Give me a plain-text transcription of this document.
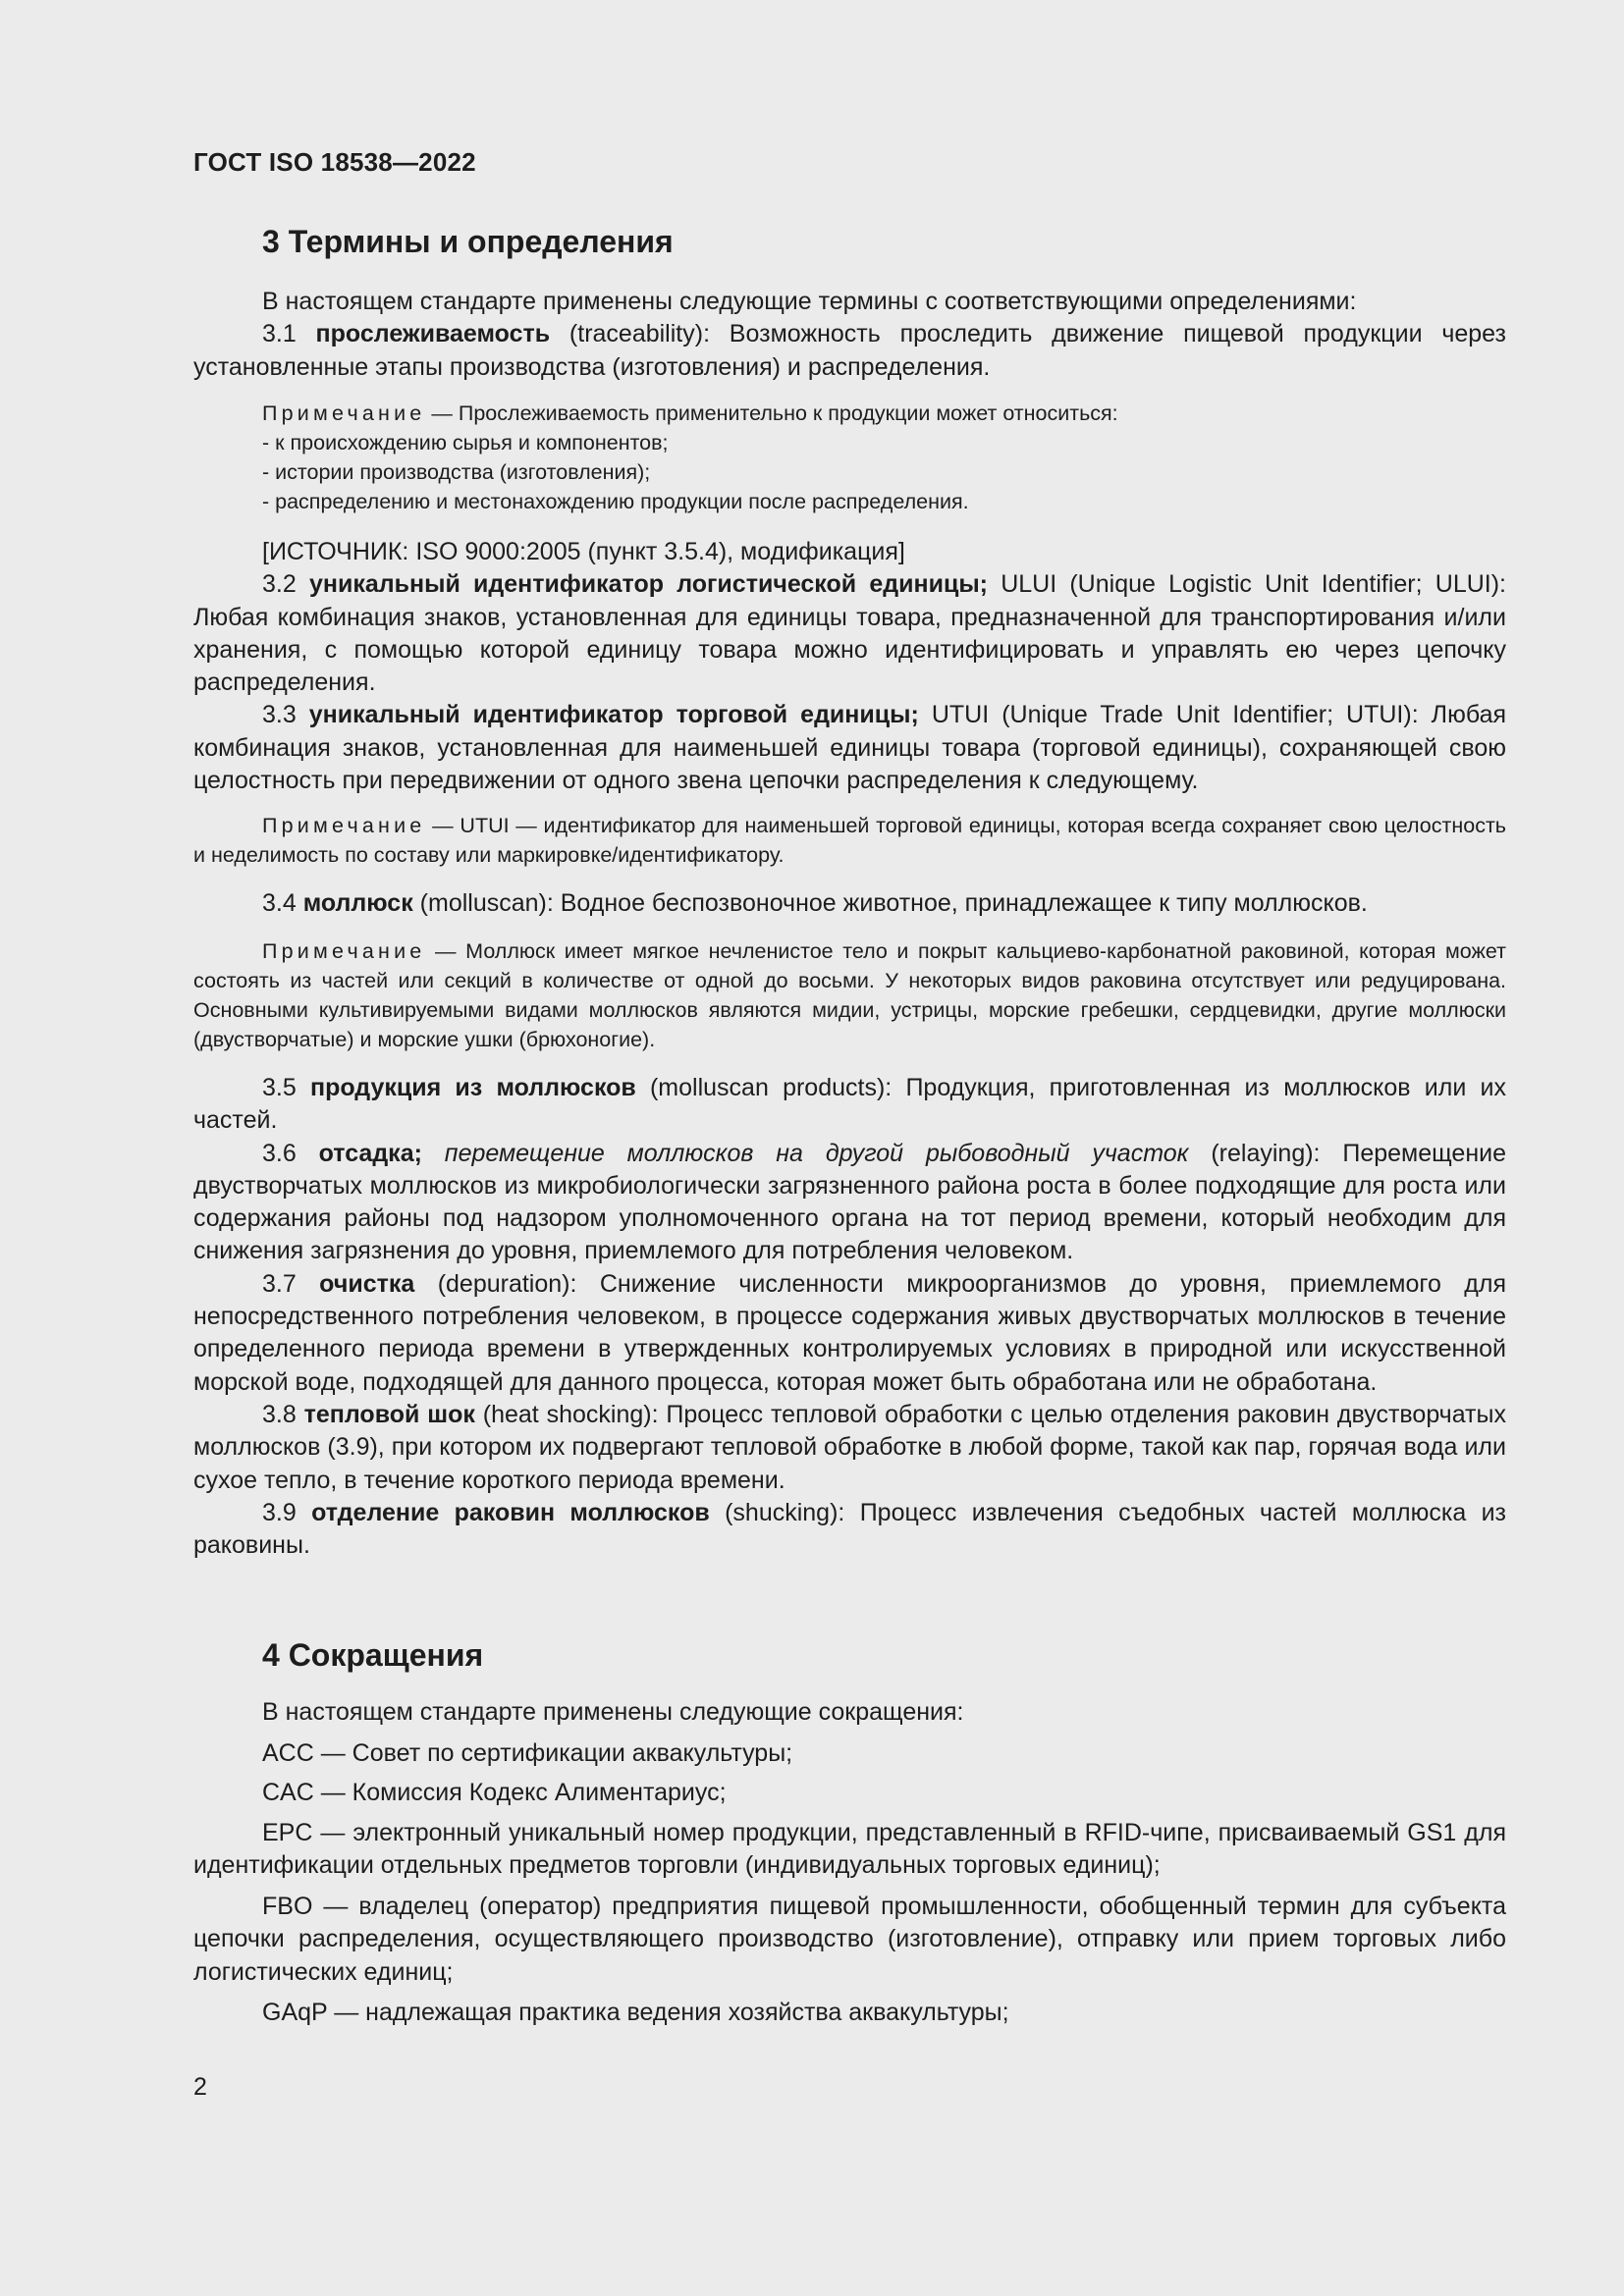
ГОСТ ISO 18538—2022
3 Термины и определения

В настоящем стандарте применены следующие термины с соответствующими определениями:

3.1 прослеживаемость (traceability): Возможность проследить движение пищевой продукции через установленные этапы производства (изготовления) и распределения.

Примечание — Прослеживаемость применительно к продукции может относиться:

- к происхождению сырья и компонентов;
- истории производства (изготовления);
- распределению и местонахождению продукции после распределения.

[ИСТОЧНИК: ISO 9000:2005 (пункт 3.5.4), модификация]

3.2 уникальный идентификатор логистической единицы; ULUI (Unique Logistic Unit Identifier; ULUI): Любая комбинация знаков, установленная для единицы товара, предназначенной для транспортирования и/или хранения, с помощью которой единицу товара можно идентифицировать и управлять ею через цепочку распределения.

3.3 уникальный идентификатор торговой единицы; UTUI (Unique Trade Unit Identifier; UTUI): Любая комбинация знаков, установленная для наименьшей единицы товара (торговой единицы), сохраняющей свою целостность при передвижении от одного звена цепочки распределения к следующему.

Примечание — UTUI — идентификатор для наименьшей торговой единицы, которая всегда сохраняет свою целостность и неделимость по составу или маркировке/идентификатору.

3.4 моллюск (molluscan): Водное беспозвоночное животное, принадлежащее к типу моллюсков.

Примечание — Моллюск имеет мягкое нечленистое тело и покрыт кальциево-карбонатной раковиной, которая может состоять из частей или секций в количестве от одной до восьми. У некоторых видов раковина отсутствует или редуцирована. Основными культивируемыми видами моллюсков являются мидии, устрицы, морские гребешки, сердцевидки, другие моллюски (двустворчатые) и морские ушки (брюхоногие).

3.5 продукция из моллюсков (molluscan products): Продукция, приготовленная из моллюсков или их частей.

3.6 отсадка; перемещение моллюсков на другой рыбоводный участок (relaying): Перемещение двустворчатых моллюсков из микробиологически загрязненного района роста в более подходящие для роста или содержания районы под надзором уполномоченного органа на тот период времени, который необходим для снижения загрязнения до уровня, приемлемого для потребления человеком.

3.7 очистка (depuration): Снижение численности микроорганизмов до уровня, приемлемого для непосредственного потребления человеком, в процессе содержания живых двустворчатых моллюсков в течение определенного периода времени в утвержденных контролируемых условиях в природной или искусственной морской воде, подходящей для данного процесса, которая может быть обработана или не обработана.

3.8 тепловой шок (heat shocking): Процесс тепловой обработки с целью отделения раковин двустворчатых моллюсков (3.9), при котором их подвергают тепловой обработке в любой форме, такой как пар, горячая вода или сухое тепло, в течение короткого периода времени.

3.9 отделение раковин моллюсков (shucking): Процесс извлечения съедобных частей моллюска из раковины.

4 Сокращения

В настоящем стандарте применены следующие сокращения:

ACC — Совет по сертификации аквакультуры;

CAC — Комиссия Кодекс Алиментариус;

EPC — электронный уникальный номер продукции, представленный в RFID-чипе, присваиваемый GS1 для идентификации отдельных предметов торговли (индивидуальных торговых единиц);

FBO — владелец (оператор) предприятия пищевой промышленности, обобщенный термин для субъекта цепочки распределения, осуществляющего производство (изготовление), отправку или прием торговых либо логистических единиц;

GAqP — надлежащая практика ведения хозяйства аквакультуры;

2
